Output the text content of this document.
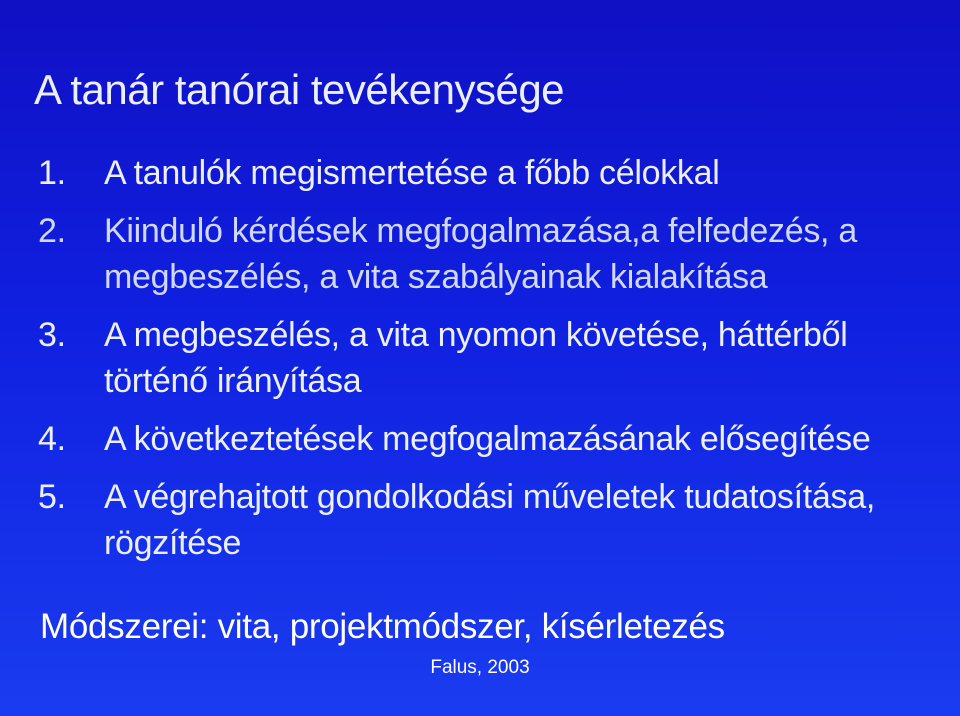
A tanár tanórai tevékenysége
1. A tanulók megismertetése a főbb célokkal
2. Kiinduló kérdések megfogalmazása,a felfedezés, a megbeszélés, a vita szabályainak kialakítása
3. A megbeszélés, a vita nyomon követése, háttérből történő irányítása
4. A következtetések megfogalmazásának elősegítése
5. A végrehajtott gondolkodási műveletek tudatosítása, rögzítése

Módszerei: vita, projektmódszer, kísérletezés

Falus, 2003
